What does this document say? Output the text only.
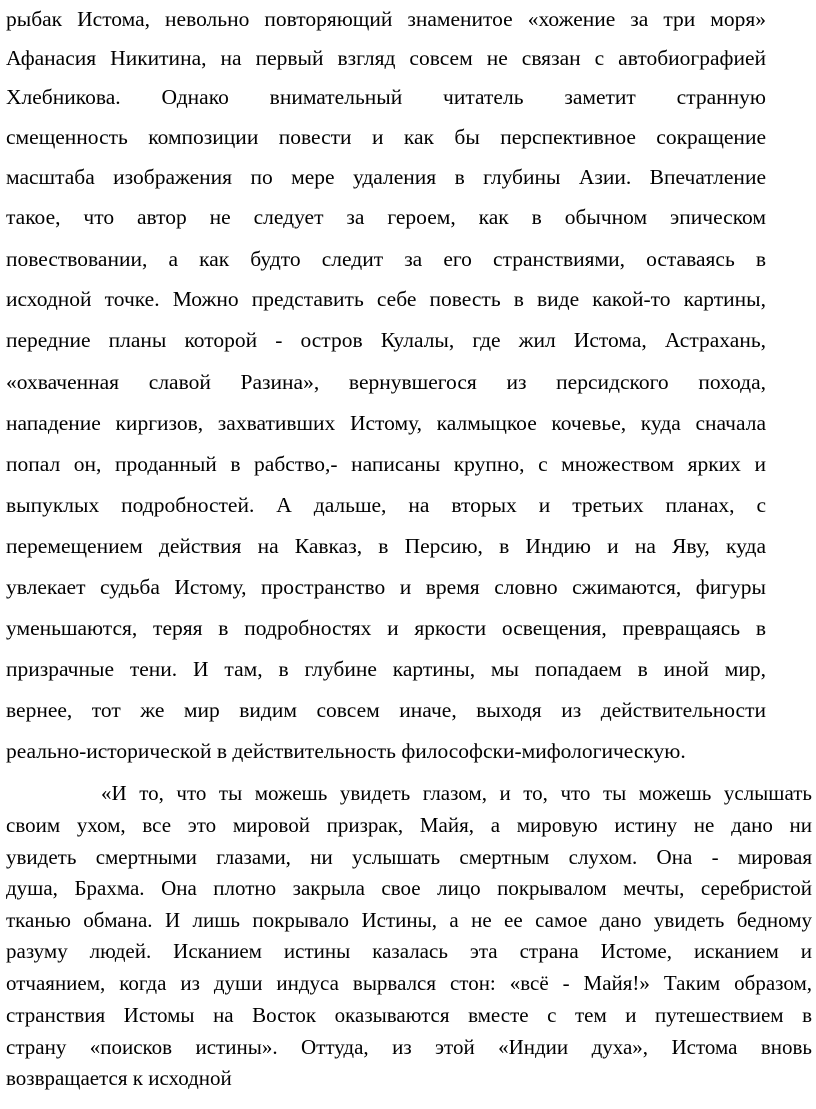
рыбак Истома, невольно повторяющий знаменитое «хожение за три моря»
Афанасия Никитина, на первый взгляд совсем не связан с автобиографией
Хлебникова. Однако внимательный читатель заметит странную
смещенность композиции повести и как бы перспективное сокращение
масштаба изображения по мере удаления в глубины Азии. Впечатление
такое, что автор не следует за героем, как в обычном эпическом
повествовании, а как будто следит за его странствиями, оставаясь в
исходной точке. Можно представить себе повесть в виде какой-то картины,
передние планы которой - остров Кулалы, где жил Истома, Астрахань,
«охваченная славой Разина», вернувшегося из персидского похода,
нападение киргизов, захвативших Истому, калмыцкое кочевье, куда сначала
попал он, проданный в рабство,- написаны крупно, с множеством ярких и
выпуклых подробностей. А дальше, на вторых и третьих планах, с
перемещением действия на Кавказ, в Персию, в Индию и на Яву, куда
увлекает судьба Истому, пространство и время словно сжимаются, фигуры
уменьшаются, теряя в подробностях и яркости освещения, превращаясь в
призрачные тени. И там, в глубине картины, мы попадаем в иной мир,
вернее, тот же мир видим совсем иначе, выходя из действительности
реально-исторической в действительность философски-мифологическую.
«И то, что ты можешь увидеть глазом, и то, что ты можешь услышать
своим ухом, все это мировой призрак, Майя, а мировую истину не дано ни
увидеть смертными глазами, ни услышать смертным слухом. Она - мировая
душа, Брахма. Она плотно закрыла свое лицо покрывалом мечты, серебристой
тканью обмана. И лишь покрывало Истины, а не ее самое дано увидеть бедному
разуму людей. Исканием истины казалась эта страна Истоме, исканием и
отчаянием, когда из души индуса вырвался стон: «всё - Майя!» Таким образом,
странствия Истомы на Восток оказываются вместе с тем и путешествием в
страну «поисков истины». Оттуда, из этой «Индии духа», Истома вновь
возвращается к исходной
